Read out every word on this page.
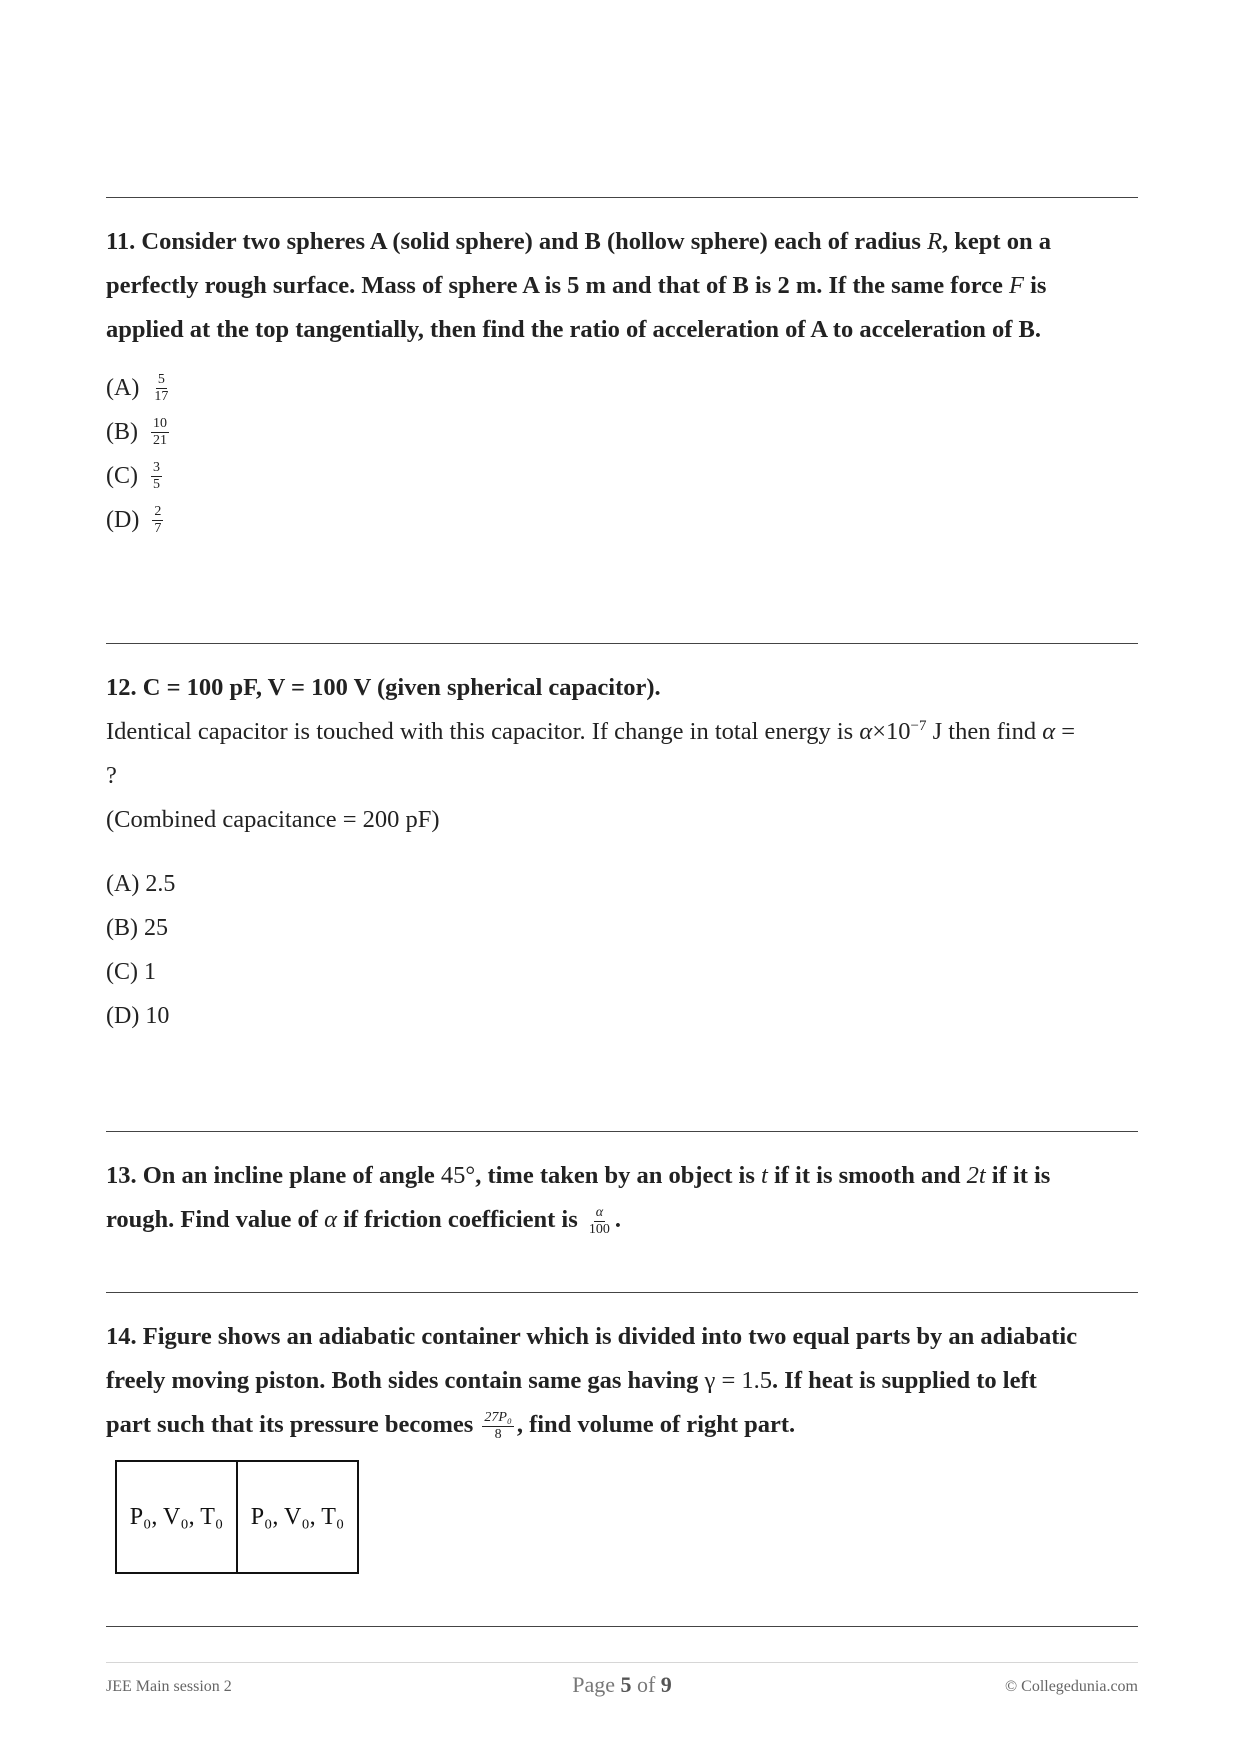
11. Consider two spheres A (solid sphere) and B (hollow sphere) each of radius R, kept on a

perfectly rough surface. Mass of sphere A is 5 m and that of B is 2 m. If the same force F is

applied at the top tangentially, then find the ratio of acceleration of A to acceleration of B.

$(A) \frac{5}{17}$
$(B) \frac{10}{21}$
$(C) \frac{3}{5}$
$(D) \frac{2}{7}$

12. C = 100 pF, V = 100 V (given spherical capacitor).

Identical capacitor is touched with this capacitor. If change in total energy is $\alpha\times 10^{-7}$ J then find α =

?

(Combined capacitance = 200 pF)

(A) 2.5
(B) 25
(C) 1
(D) 10

13. On an incline plane of angle 45°, time taken by an object is t if it is smooth and 2t if it is

rough. Find value of α if friction coefficient is $\frac{\alpha}{100}$ .

14. Figure shows an adiabatic container which is divided into two equal parts by an adiabatic

freely moving piston. Both sides contain same gas having γ = 1.5. If heat is supplied to left

part such that its pressure becomes $\frac{\text{27P₀}}{8}$ , find volume of right part.

P₀, V₀, T₀	P₀, V₀, T₀
JEE Main session 2	Page 5 of 9	© Collegedunia.com
